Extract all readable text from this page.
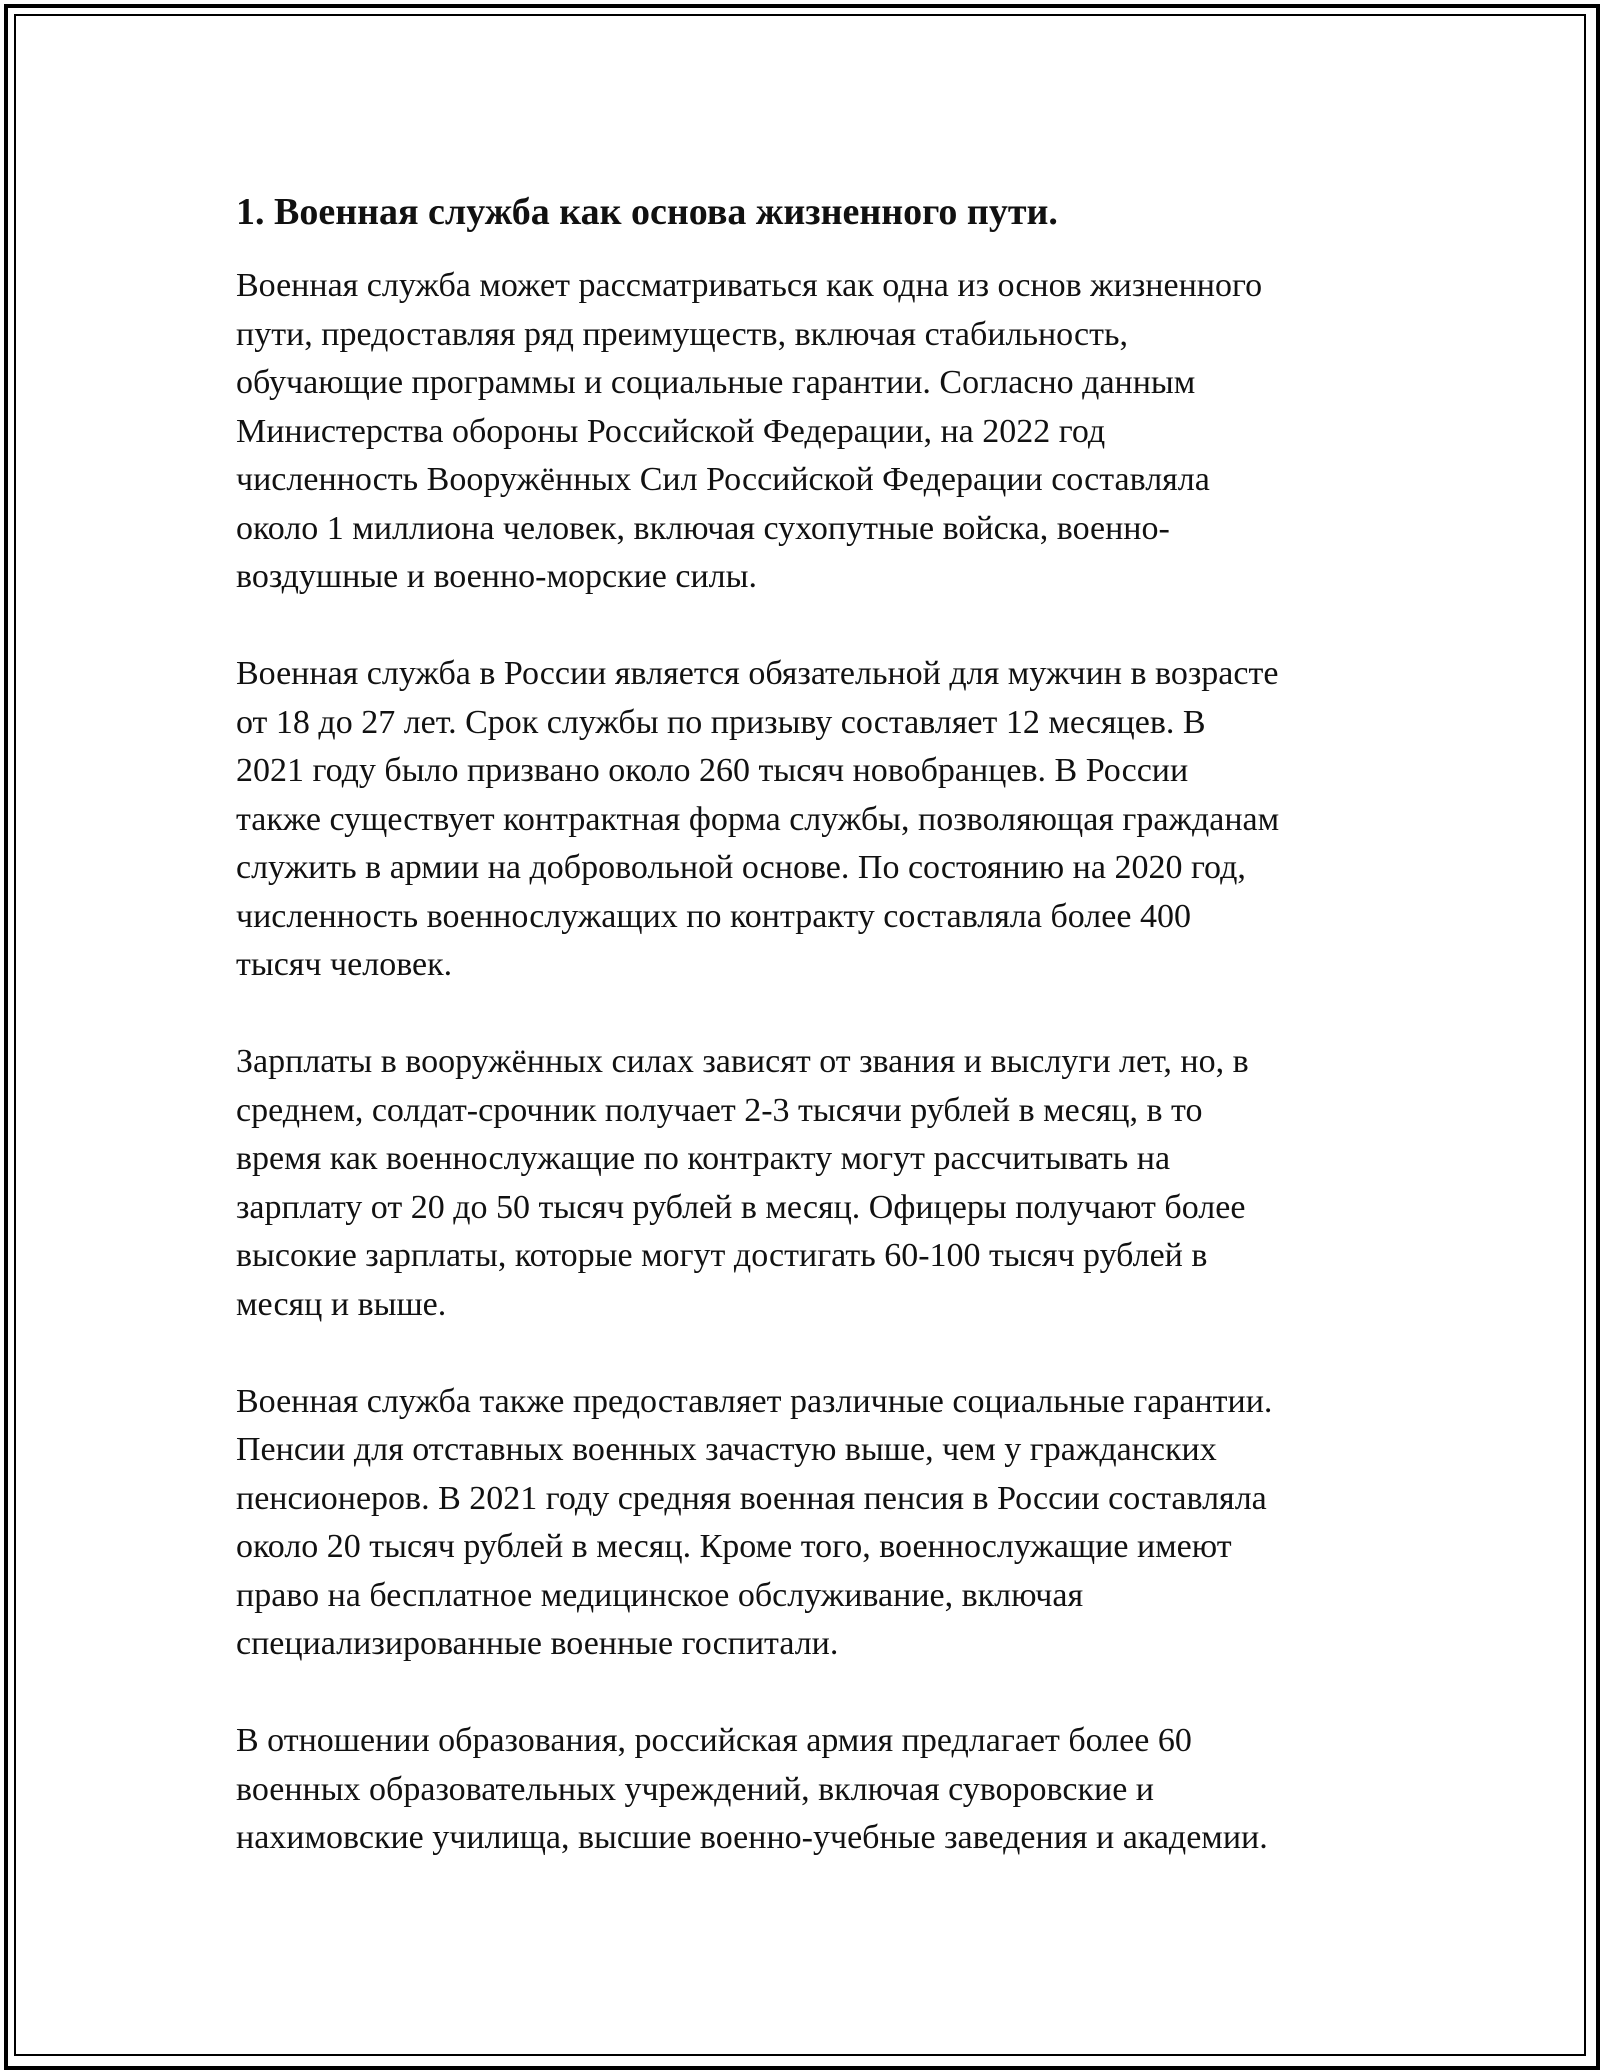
1. Военная служба как основа жизненного пути.
Военная служба может рассматриваться как одна из основ жизненного
пути, предоставляя ряд преимуществ, включая стабильность,
обучающие программы и социальные гарантии. Согласно данным
Министерства обороны Российской Федерации, на 2022 год
численность Вооружённых Сил Российской Федерации составляла
около 1 миллиона человек, включая сухопутные войска, военно-
воздушные и военно-морские силы.
Военная служба в России является обязательной для мужчин в возрасте
от 18 до 27 лет. Срок службы по призыву составляет 12 месяцев. В
2021 году было призвано около 260 тысяч новобранцев. В России
также существует контрактная форма службы, позволяющая гражданам
служить в армии на добровольной основе. По состоянию на 2020 год,
численность военнослужащих по контракту составляла более 400
тысяч человек.
Зарплаты в вооружённых силах зависят от звания и выслуги лет, но, в
среднем, солдат-срочник получает 2-3 тысячи рублей в месяц, в то
время как военнослужащие по контракту могут рассчитывать на
зарплату от 20 до 50 тысяч рублей в месяц. Офицеры получают более
высокие зарплаты, которые могут достигать 60-100 тысяч рублей в
месяц и выше.
Военная служба также предоставляет различные социальные гарантии.
Пенсии для отставных военных зачастую выше, чем у гражданских
пенсионеров. В 2021 году средняя военная пенсия в России составляла
около 20 тысяч рублей в месяц. Кроме того, военнослужащие имеют
право на бесплатное медицинское обслуживание, включая
специализированные военные госпитали.
В отношении образования, российская армия предлагает более 60
военных образовательных учреждений, включая суворовские и
нахимовские училища, высшие военно-учебные заведения и академии.
